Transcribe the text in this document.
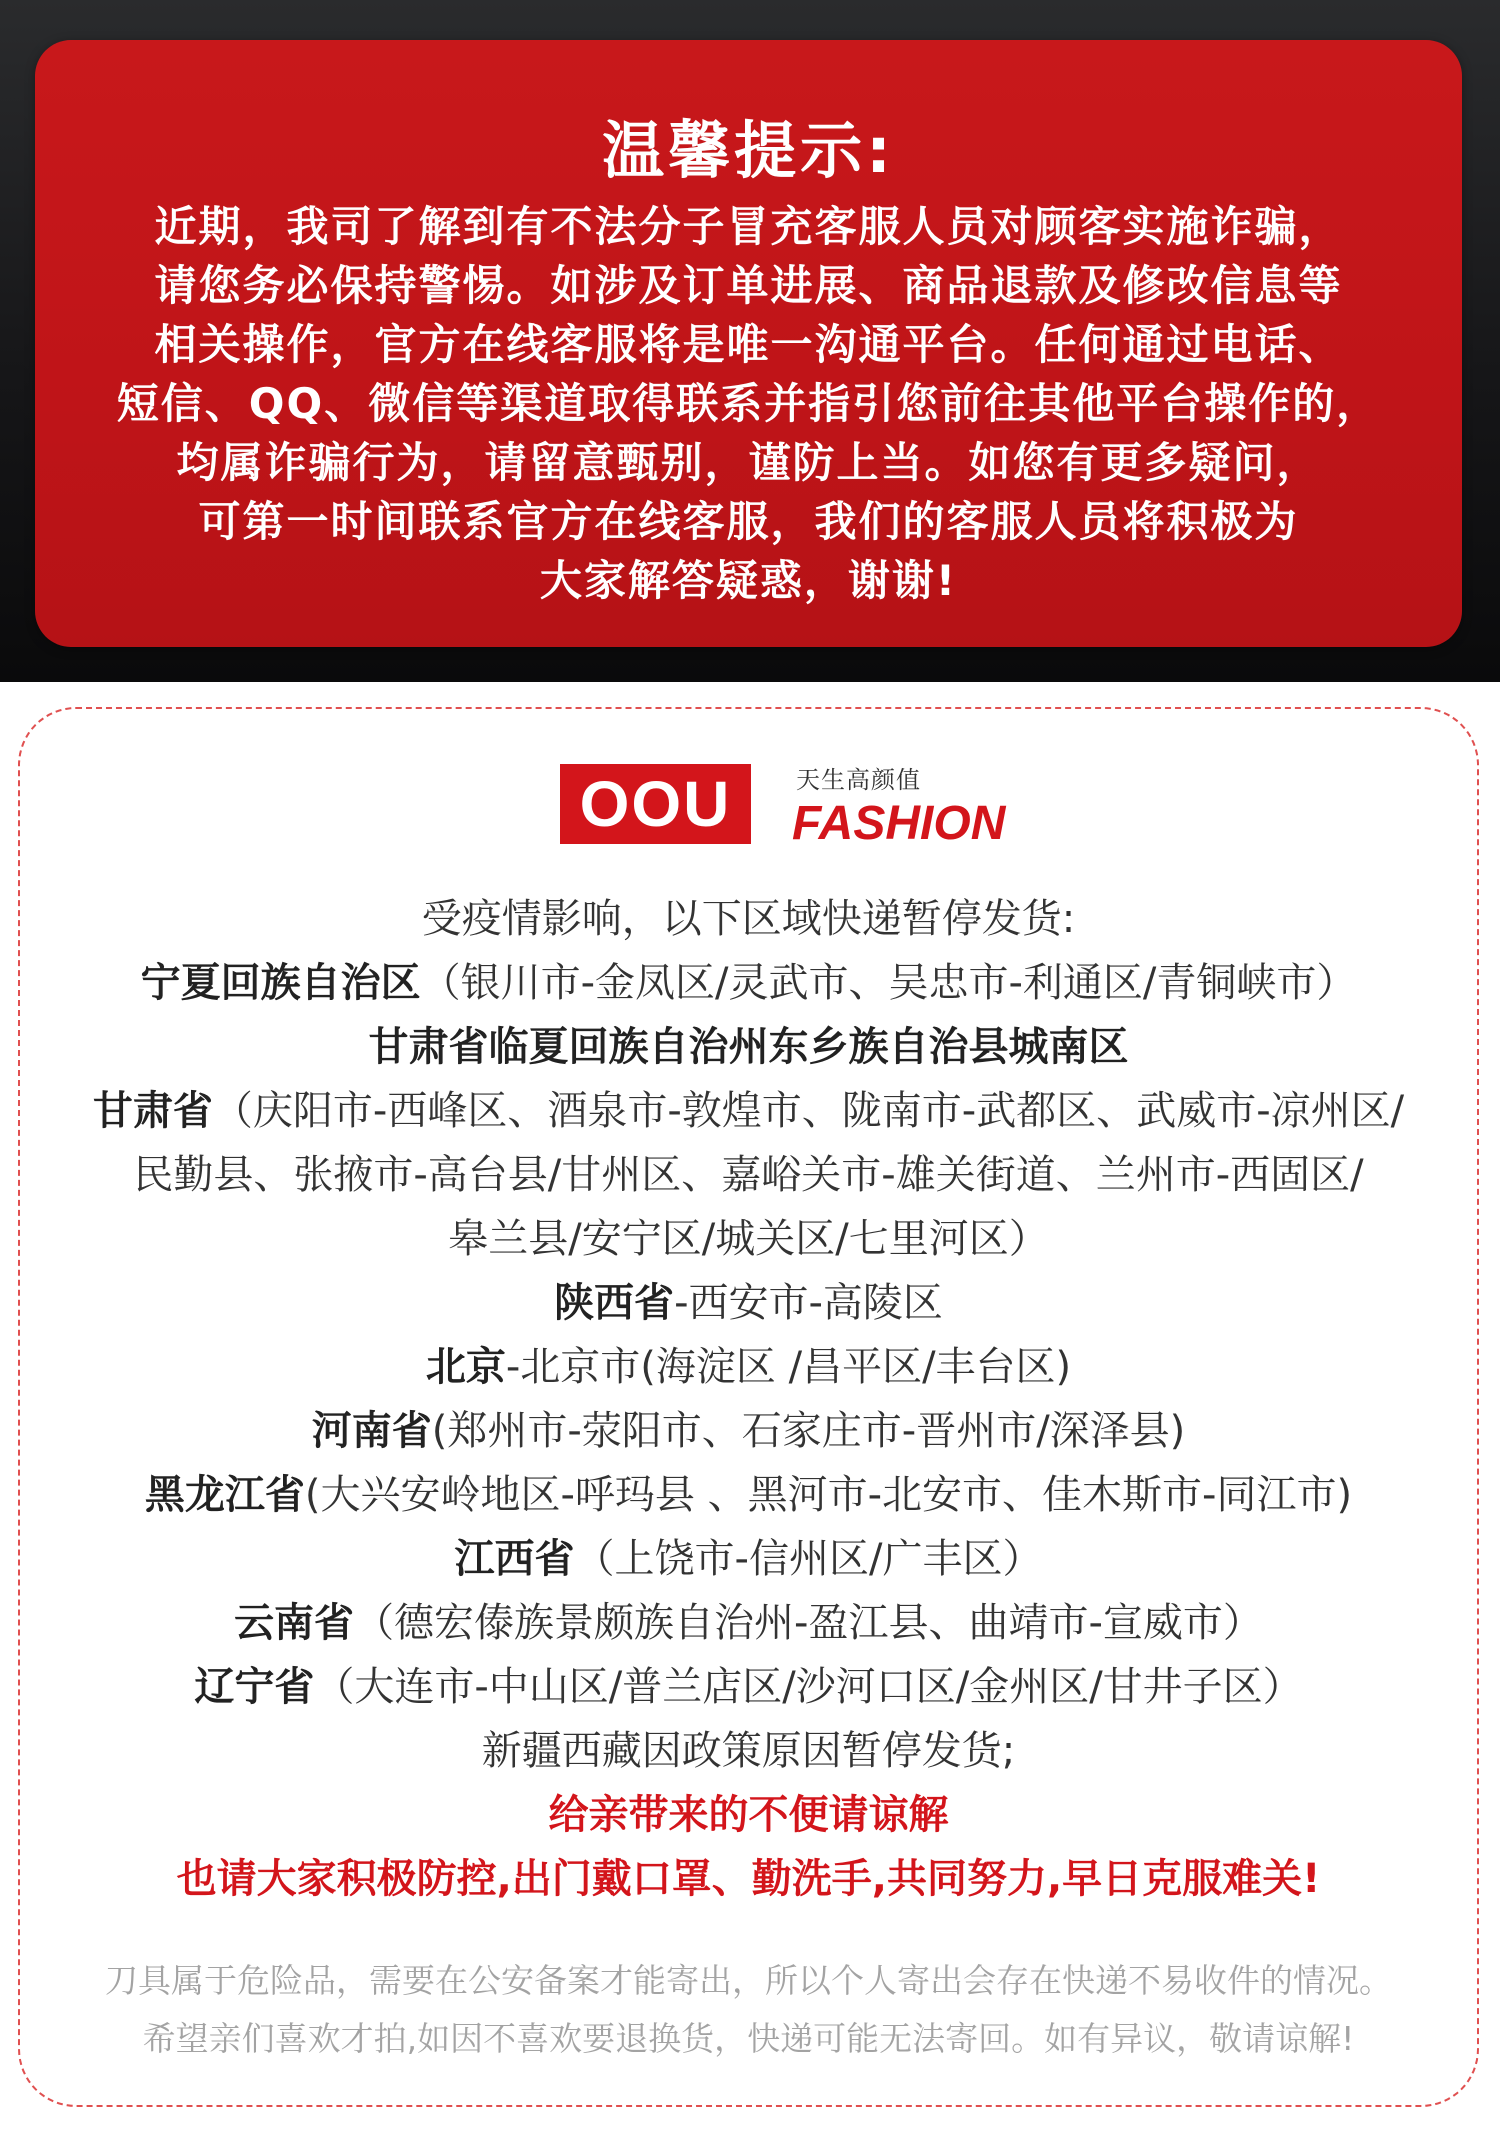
温馨提示:
近期，我司了解到有不法分子冒充客服人员对顾客实施诈骗，
请您务必保持警惕。如涉及订单进展、商品退款及修改信息等
相关操作，官方在线客服将是唯一沟通平台。任何通过电话、
短信、QQ、微信等渠道取得联系并指引您前往其他平台操作的，
均属诈骗行为，请留意甄别，谨防上当。如您有更多疑问，
可第一时间联系官方在线客服，我们的客服人员将积极为
大家解答疑惑，谢谢!
OOU	天生高颜值
FASHION
受疫情影响，以下区域快递暂停发货:
宁夏回族自治区（银川市-金凤区/灵武市、吴忠市-利通区/青铜峡市）
甘肃省临夏回族自治州东乡族自治县城南区
甘肃省（庆阳市-西峰区、酒泉市-敦煌市、陇南市-武都区、武威市-凉州区/
民勤县、张掖市-高台县/甘州区、嘉峪关市-雄关街道、兰州市-西固区/
皋兰县/安宁区/城关区/七里河区）
陕西省-西安市-高陵区
北京-北京市(海淀区 /昌平区/丰台区)
河南省(郑州市-荥阳市、石家庄市-晋州市/深泽县)
黑龙江省(大兴安岭地区-呼玛县 、黑河市-北安市、佳木斯市-同江市)
江西省（上饶市-信州区/广丰区）
云南省（德宏傣族景颇族自治州-盈江县、曲靖市-宣威市）
辽宁省（大连市-中山区/普兰店区/沙河口区/金州区/甘井子区）
新疆西藏因政策原因暂停发货;
给亲带来的不便请谅解
也请大家积极防控,出门戴口罩、勤洗手,共同努力,早日克服难关!
刀具属于危险品，需要在公安备案才能寄出，所以个人寄出会存在快递不易收件的情况。
希望亲们喜欢才拍,如因不喜欢要退换货，快递可能无法寄回。如有异议，敬请谅解!
